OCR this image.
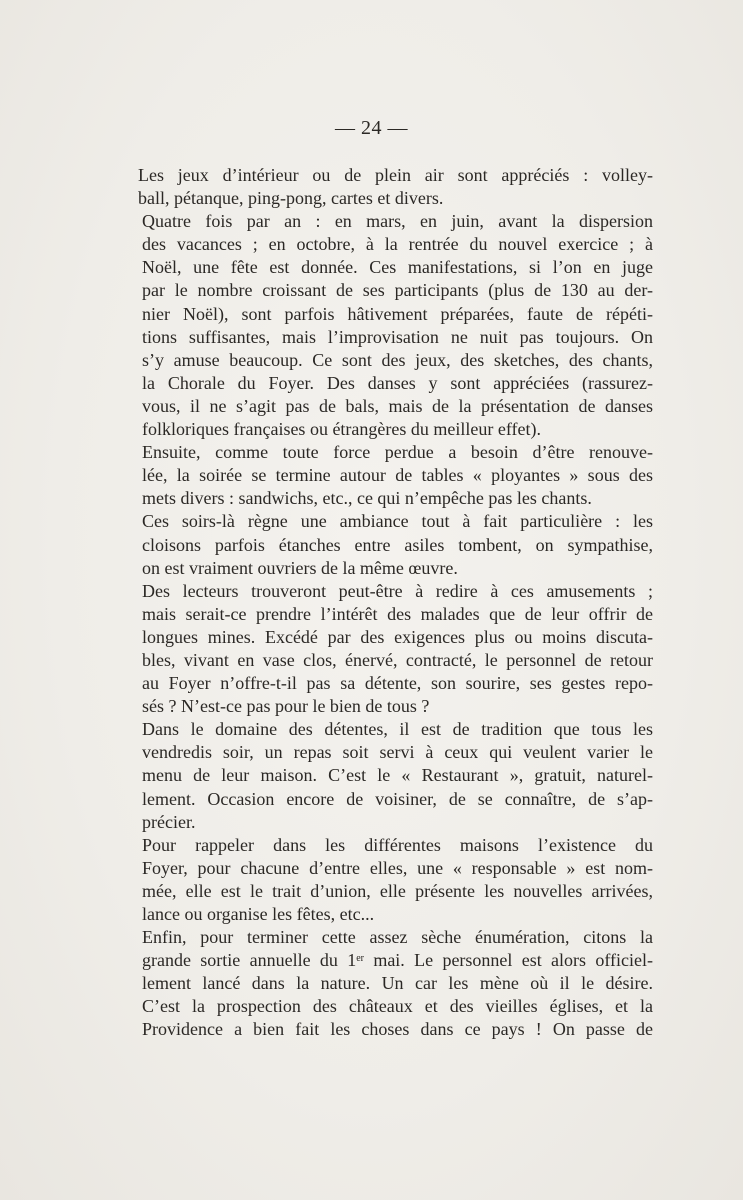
— 24 —

Les jeux d’intérieur ou de plein air sont appréciés : volley-
ball, pétanque, ping-pong, cartes et divers.

Quatre fois par an : en mars, en juin, avant la dispersion
des vacances ; en octobre, à la rentrée du nouvel exercice ; à
Noël, une fête est donnée. Ces manifestations, si l’on en juge
par le nombre croissant de ses participants (plus de 130 au der-
nier Noël), sont parfois hâtivement préparées, faute de répéti-
tions suffisantes, mais l’improvisation ne nuit pas toujours. On
s’y amuse beaucoup. Ce sont des jeux, des sketches, des chants,
la Chorale du Foyer. Des danses y sont appréciées (rassurez-
vous, il ne s’agit pas de bals, mais de la présentation de danses
folkloriques françaises ou étrangères du meilleur effet).

Ensuite, comme toute force perdue a besoin d’être renouve-
lée, la soirée se termine autour de tables « ployantes » sous des
mets divers : sandwichs, etc., ce qui n’empêche pas les chants.

Ces soirs-là règne une ambiance tout à fait particulière : les
cloisons parfois étanches entre asiles tombent, on sympathise,
on est vraiment ouvriers de la même œuvre.

Des lecteurs trouveront peut-être à redire à ces amusements ;
mais serait-ce prendre l’intérêt des malades que de leur offrir de
longues mines. Excédé par des exigences plus ou moins discuta-
bles, vivant en vase clos, énervé, contracté, le personnel de retour
au Foyer n’offre-t-il pas sa détente, son sourire, ses gestes repo-
sés ? N’est-ce pas pour le bien de tous ?

Dans le domaine des détentes, il est de tradition que tous les
vendredis soir, un repas soit servi à ceux qui veulent varier le
menu de leur maison. C’est le « Restaurant », gratuit, naturel-
lement. Occasion encore de voisiner, de se connaître, de s’ap-
précier.

Pour rappeler dans les différentes maisons l’existence du
Foyer, pour chacune d’entre elles, une « responsable » est nom-
mée, elle est le trait d’union, elle présente les nouvelles arrivées,
lance ou organise les fêtes, etc...

Enfin, pour terminer cette assez sèche énumération, citons la
grande sortie annuelle du 1er mai. Le personnel est alors officiel-
lement lancé dans la nature. Un car les mène où il le désire.
C’est la prospection des châteaux et des vieilles églises, et la
Providence a bien fait les choses dans ce pays ! On passe de
